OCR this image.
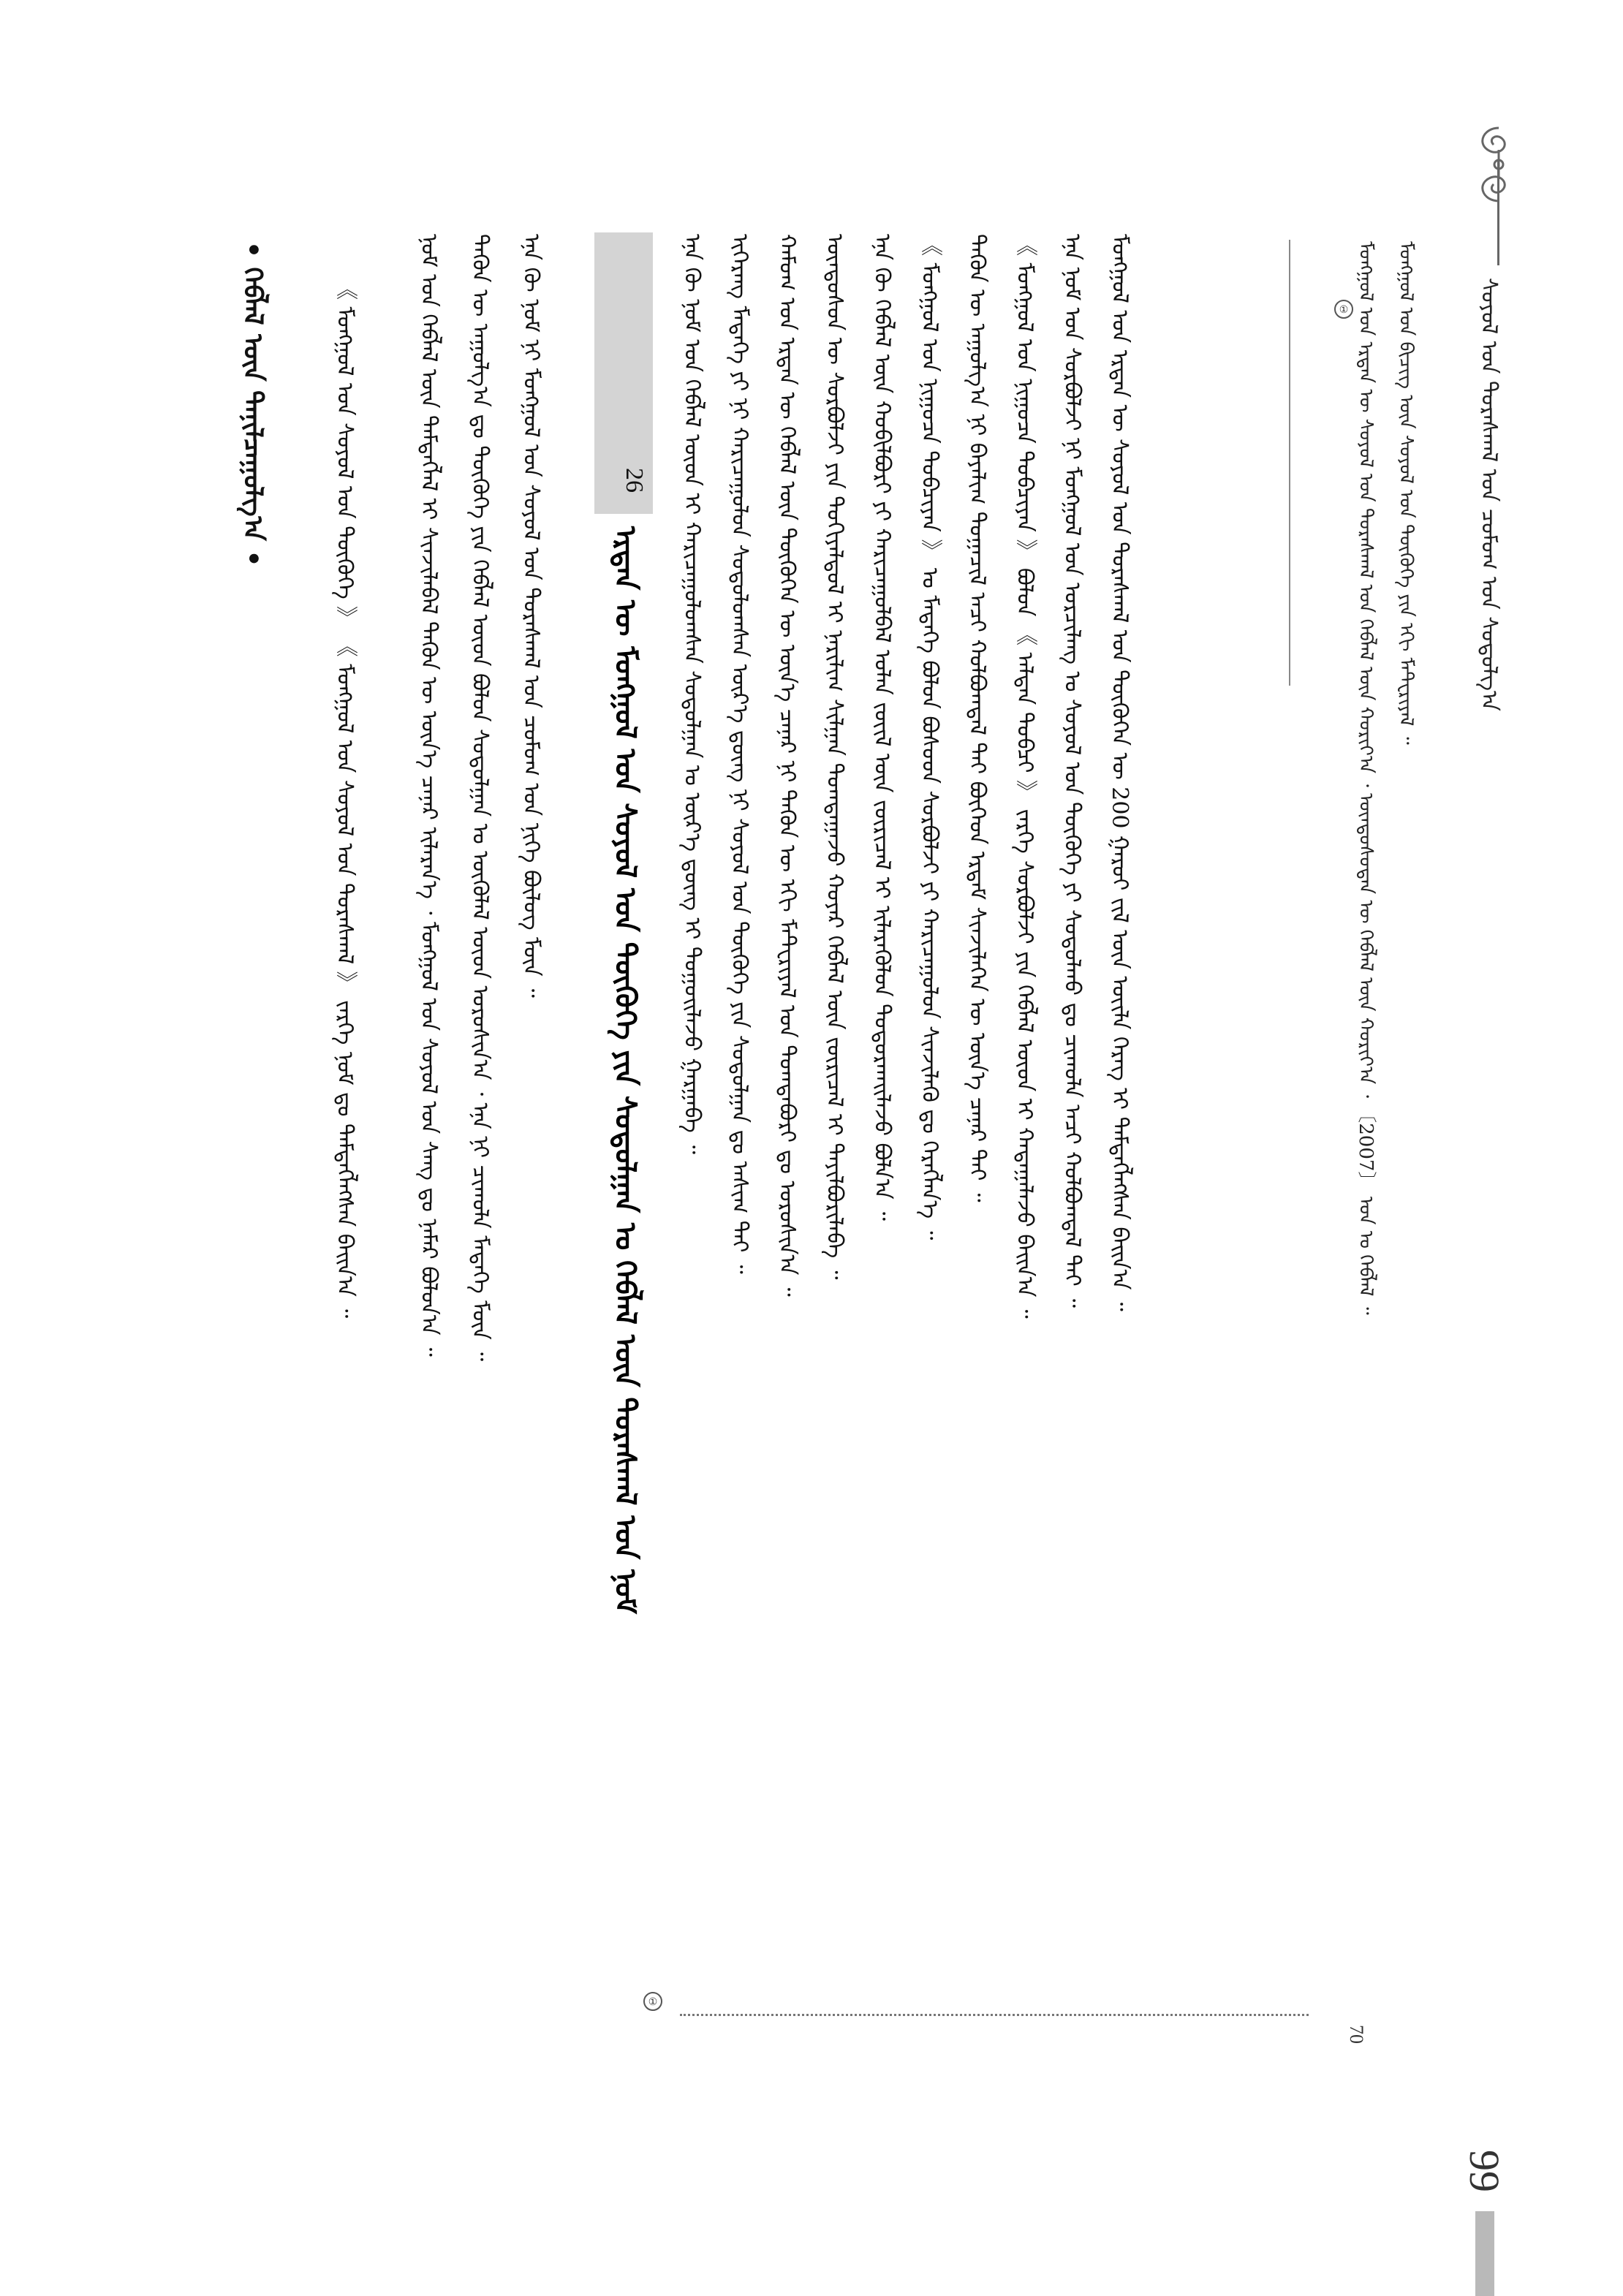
ᠰᠤᠶᠤᠯ ᠤᠨ ᠳᠤᠷᠠᠰᠬᠠᠯ ᠤᠨ ᠴᠣᠮᠣᠭ ᠤᠨ ᠰᠤᠳᠤᠯᠭ᠎ᠠ
99
ᠮᠣᠩᠭᠣᠯ ᠤᠨ ᠪᠢᠴᠢᠭ ᠦᠨ ᠰᠤᠶᠤᠯ ᠤᠨ ᠲᠦᠭᠦᠬᠡ ᠶᠢᠨ ᠡᠬᠢ ᠮᠠᠲ᠋ᠧᠷᠢᠶᠠᠯ ᠃
ᠮᠣᠩᠭᠣᠯ ᠤᠨ ᠡᠷᠲᠡᠨ ᠦ ᠰᠤᠶᠤᠯ ᠤᠨ ᠳᠤᠷᠠᠰᠬᠠᠯ ᠤᠨ ᠬᠡᠪᠯᠡᠯ ᠦᠨ ᠬᠣᠷᠢᠶ᠎ᠠ ᠂ ᠦᠨᠳᠦᠰᠦᠲᠡᠨ ᠦ ᠬᠡᠪᠯᠡᠯ ᠦᠨ ᠬᠣᠷᠢᠶ᠎ᠠ ᠂ 〔2007〕 ᠣᠨ ᠤ ᠬᠡᠪᠯᠡᠯ ᠃
70
①
ᠮᠣᠩᠭᠣᠯ ᠤᠨ ᠡᠷᠲᠡᠨ ᠦ ᠰᠤᠶᠤᠯ ᠤᠨ ᠳᠤᠷᠠᠰᠬᠠᠯ ᠤᠨ ᠲᠦᠭᠦᠬᠡᠨ ᠦ 200 ᠭᠠᠷᠤᠢ ᠵᠢᠯ ᠦᠨ ᠦᠢᠯᠡ ᠬᠡᠷᠡᠭ ᠢ ᠲᠡᠮᠳᠡᠭᠯᠡᠭᠰᠡᠨ ᠪᠠᠢᠨ᠎ᠠ ᠃
ᠡᠨᠡ ᠨᠣᠮ ᠤᠨ ᠰᠤᠷᠪᠤᠯᠵᠢ ᠨᠢ ᠮᠣᠩᠭᠣᠯ ᠤᠨ ᠣᠷᠴᠢᠯᠠᠩ ᠤ ᠰᠤᠶᠤᠯ ᠤᠨ ᠲᠦᠭᠦᠬᠡ ᠶᠢ ᠰᠤᠳᠤᠯᠬᠤ ᠳᠤ ᠴᠢᠬᠤᠯᠠ ᠠᠴᠢ ᠬᠣᠯᠪᠣᠭᠳᠠᠯ ᠲᠠᠢ ᠃
《 ᠮᠣᠩᠭᠣᠯ ᠤᠨ ᠨᠢᠭᠤᠴᠠ ᠲᠣᠪᠴᠢᠶᠠᠨ 》 ᠪᠣᠯᠤᠨ 《 ᠠᠯᠲᠠᠨ ᠲᠣᠪᠴᠢ 》 ᠵᠡᠷᠭᠡ ᠰᠤᠷᠪᠤᠯᠵᠢ ᠶᠢᠨ ᠬᠡᠪᠯᠡᠯ ᠦᠳ ᠢ ᠬᠠᠳᠠᠭᠠᠯᠠᠵᠤ ᠪᠠᠢᠨ᠎ᠠ ᠃
ᠲᠡᠭᠦᠨ ᠦ ᠠᠭᠤᠯᠭ᠎ᠠ ᠨᠢ ᠪᠠᠶᠠᠯᠢᠭ ᠲᠣᠭᠠᠴᠢᠯ ᠠᠴᠢ ᠬᠣᠯᠪᠣᠭᠳᠠᠯ ᠲᠠᠢ ᠪᠥᠭᠡᠳ ᠡᠷᠳᠡᠮ ᠰᠢᠨᠵᠢᠯᠡᠭᠡᠨ ᠦ ᠦᠨ᠎ᠡ ᠴᠡᠨᠡᠷ ᠲᠠᠢ ᠃
《 ᠮᠣᠩᠭᠣᠯ ᠤᠨ ᠨᠢᠭᠤᠴᠠ ᠲᠣᠪᠴᠢᠶᠠᠨ 》 ᠤ ᠮᠡᠳᠡᠭᠡ ᠪᠣᠯᠤᠨ ᠪᠤᠰᠤᠳ ᠰᠤᠷᠪᠤᠯᠵᠢ ᠶᠢ ᠬᠠᠷᠢᠴᠠᠭᠤᠯᠤᠨ ᠰᠢᠨᠵᠢᠯᠡᠬᠦ ᠳᠤ ᠬᠡᠷᠡᠭᠯᠡᠨ᠎ᠡ ᠃
ᠡᠨᠡ ᠬᠦ ᠬᠡᠪᠯᠡᠯ ᠦᠨ ᠬᠤᠪᠢᠯᠪᠤᠷᠢ ᠶᠢ ᠬᠠᠷᠢᠴᠠᠭᠤᠯᠪᠠᠯ ᠣᠯᠠᠨ ᠵᠦᠢᠯ ᠦᠨ ᠵᠥᠷᠢᠴᠡᠯ ᠢ ᠢᠯᠡᠷᠡᠭᠦᠯᠦᠨ ᠲᠣᠳᠤᠷᠬᠠᠢᠯᠠᠵᠤ ᠪᠣᠯᠨ᠎ᠠ ᠃
ᠦᠨᠳᠦᠰᠦᠨ ᠦ ᠰᠤᠷᠪᠤᠯᠵᠢ ᠶᠢᠨ ᠲᠣᠬᠢᠶᠠᠯᠳᠤᠯ ᠢ ᠨᠠᠷᠢᠯᠢᠭ ᠰᠢᠯᠭᠠᠨ ᠲᠣᠭᠲᠠᠭᠠᠵᠤ ᠬᠣᠶᠠᠷ ᠬᠡᠪᠯᠡᠯ ᠦᠨ ᠵᠥᠷᠢᠴᠡᠯ ᠢ ᠲᠠᠶᠢᠯᠪᠤᠷᠢᠯᠠᠪᠠ ᠃
ᠬᠠᠮᠤᠭ ᠤᠨ ᠡᠷᠲᠡᠨ ᠦ ᠬᠡᠪᠯᠡᠯ ᠦᠨ ᠲᠦᠭᠦᠬᠡᠨ ᠦ ᠦᠨ᠎ᠡ ᠴᠡᠨᠡᠷ ᠨᠢ ᠲᠡᠭᠦᠨ ᠦ ᠡᠬᠢ ᠮᠠᠲ᠋ᠧᠷᠢᠶᠠᠯ ᠤᠨ ᠲᠣᠭᠲᠠᠪᠤᠷᠢ ᠳᠤ ᠣᠷᠣᠰᠢᠨ᠎ᠠ ᠃
ᠢᠭᠡᠷᠡᠩ ᠮᠡᠳᠡᠭᠡ ᠶᠢ ᠨᠢ ᠬᠠᠷᠢᠴᠠᠭᠤᠯᠤᠨ ᠰᠤᠳᠤᠯᠤᠭᠰᠠᠨ ᠦᠷ᠎ᠡ ᠳ᠋ᠦᠩ ᠨᠢ ᠰᠤᠶᠤᠯ ᠤᠨ ᠲᠦᠭᠦᠬᠡ ᠶᠢᠨ ᠰᠤᠳᠤᠯᠭᠠᠨ ᠳᠤ ᠠᠰᠢᠭ ᠲᠠᠢ ᠃
ᠡᠨᠡ ᠬᠦ ᠨᠣᠮ ᠤᠨ ᠬᠡᠪᠯᠡᠯ ᠦᠳ ᠢ ᠬᠠᠷᠢᠴᠠᠭᠤᠯᠤᠭᠰᠠᠨ ᠰᠤᠳᠤᠯᠭᠠᠨ ᠤ ᠦᠷ᠎ᠡ ᠳ᠋ᠦᠩ ᠢ ᠳᠤᠭᠤᠢᠯᠠᠵᠤ ᠭᠠᠷᠭᠠᠪᠠ ᠃
26
ᠡᠷᠲᠡᠨ ᠦ ᠮᠣᠩᠭᠣᠯ ᠤᠨ ᠰᠤᠶᠤᠯ ᠤᠨ ᠲᠦᠭᠦᠬᠡ ᠶᠢᠨ ᠰᠤᠳᠤᠯᠭᠠᠨ ᠤ ᠬᠡᠪᠯᠡᠯ ᠦᠨ ᠳᠤᠷᠠᠰᠬᠠᠯ ᠤᠨ ᠨᠣᠮ
①
ᠡᠨᠡ ᠬᠦ ᠨᠣᠮ ᠨᠢ ᠮᠣᠩᠭᠣᠯ ᠤᠨ ᠰᠤᠶᠤᠯ ᠤᠨ ᠳᠤᠷᠠᠰᠬᠠᠯ ᠤᠨ ᠴᠣᠮᠣᠭ ᠤᠨ ᠨᠢᠭᠡ ᠪᠦᠯᠦᠭ ᠮᠥᠨ ᠃
ᠲᠡᠭᠦᠨ ᠦ ᠠᠭᠤᠯᠭ᠎ᠠ ᠳᠤ ᠲᠦᠭᠦᠬᠡ ᠶᠢᠨ ᠬᠡᠪᠯᠡᠯ ᠦᠳ ᠪᠣᠯᠤᠨ ᠰᠤᠳᠤᠯᠭᠠᠨ ᠤ ᠥᠭᠦᠯᠡᠯ ᠦᠳ ᠣᠷᠣᠰᠢᠨ᠎ᠠ ᠂ ᠡᠨᠡ ᠨᠢ ᠴᠢᠬᠤᠯᠠ ᠮᠡᠳᠡᠭᠡ ᠮᠥᠨ ᠃
ᠨᠣᠮ ᠤᠨ ᠬᠡᠪᠯᠡᠯ ᠦᠨ ᠲᠡᠮᠳᠡᠭᠯᠡᠯ ᠢ ᠰᠢᠨᠵᠢᠯᠡᠪᠡᠯ ᠲᠡᠭᠦᠨ ᠦ ᠦᠨ᠎ᠡ ᠴᠡᠨᠡᠷ ᠢᠯᠡᠷᠡᠨ᠎ᠡ ᠂ ᠮᠣᠩᠭᠣᠯ ᠤᠨ ᠰᠤᠶᠤᠯ ᠤᠨ ᠰᠠᠩ ᠳᠤ ᠨᠡᠮᠡᠷ ᠪᠣᠯᠤᠨ᠎ᠠ ᠃
《 ᠮᠣᠩᠭᠣᠯ ᠤᠨ ᠰᠤᠶᠤᠯ ᠤᠨ ᠲᠦᠭᠦᠬᠡ 》 《 ᠮᠣᠩᠭᠣᠯ ᠤᠨ ᠰᠤᠶᠤᠯ ᠤᠨ ᠳᠤᠷᠠᠰᠬᠠᠯ 》 ᠵᠡᠷᠭᠡ ᠨᠣᠮ ᠳᠤ ᠲᠡᠮᠳᠡᠭᠯᠡᠭᠰᠡᠨ ᠪᠠᠢᠨ᠎ᠠ ᠃
• ᠬᠡᠪᠯᠡᠯ ᠦᠨ ᠲᠠᠨᠢᠯᠴᠠᠭᠤᠯᠭ᠎ᠠ •
